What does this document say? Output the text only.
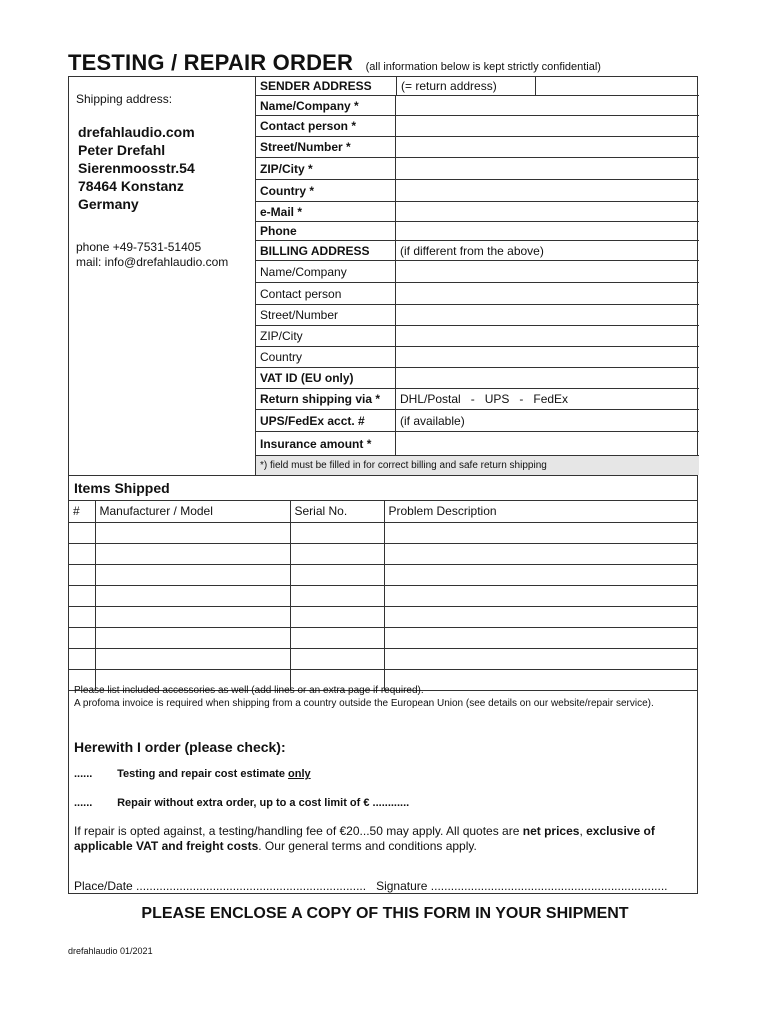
TESTING / REPAIR ORDER (all information below is kept strictly confidential)
Shipping address:
drefahlaudio.com
Peter Drefahl
Sierenmoosstr.54
78464 Konstanz
Germany
phone +49-7531-51405
mail: info@drefahlaudio.com
SENDER ADDRESS	(= return address)
Name/Company *
Contact person *
Street/Number *
ZIP/City *
Country *
e-Mail *
Phone
BILLING ADDRESS	(if different from the above)
Name/Company
Contact person
Street/Number
ZIP/City
Country
VAT ID (EU only)
Return shipping via *	DHL/Postal   -   UPS   -   FedEx
UPS/FedEx acct. #	(if available)
Insurance amount *
*) field must be filled in for correct billing and safe return shipping
Items Shipped
#	Manufacturer / Model	Serial No.	Problem Description

Please list included accessories as well (add lines or an extra page if required).
A profoma invoice is required when shipping from a country outside the European Union (see details on our website/repair service).
Herewith I order (please check):
...... Testing and repair cost estimate only
...... Repair without extra order, up to a cost limit of € ............
If repair is opted against, a testing/handling fee of €20...50 may apply. All quotes are net prices, exclusive of applicable VAT and freight costs. Our general terms and conditions apply.
Place/Date ..................................................................... Signature .......................................................................
PLEASE ENCLOSE A COPY OF THIS FORM IN YOUR SHIPMENT
drefahlaudio 01/2021
